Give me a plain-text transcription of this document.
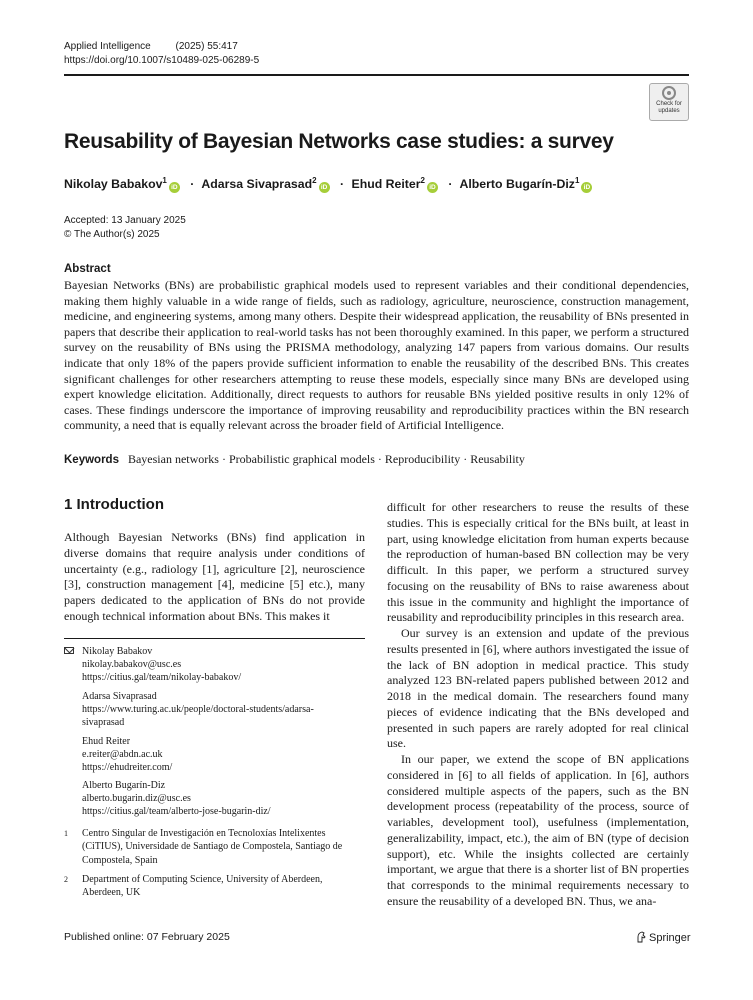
Applied Intelligence (2025) 55:417
https://doi.org/10.1007/s10489-025-06289-5
Check for
updates
Reusability of Bayesian Networks case studies: a survey
Nikolay Babakov$^1$iD · Adarsa Sivaprasad$^2$iD · Ehud Reiter$^2$iD · Alberto Bugarín-Diz$^1$iD
Accepted: 13 January 2025
© The Author(s) 2025
Abstract
Bayesian Networks (BNs) are probabilistic graphical models used to represent variables and their conditional dependencies, making them highly valuable in a wide range of fields, such as radiology, agriculture, neuroscience, construction management, medicine, and engineering systems, among many others. Despite their widespread application, the reusability of BNs presented in papers that describe their application to real-world tasks has not been thoroughly examined. In this paper, we perform a structured survey on the reusability of BNs using the PRISMA methodology, analyzing 147 papers from various domains. Our results indicate that only 18% of the papers provide sufficient information to enable the reusability of the described BNs. This creates significant challenges for other researchers attempting to reuse these models, especially since many BNs are developed using expert knowledge elicitation. Additionally, direct requests to authors for reusable BNs yielded positive results in only 12% of cases. These findings underscore the importance of improving reusability and reproducibility practices within the BN research community, a need that is equally relevant across the broader field of Artificial Intelligence.
Keywords Bayesian networks · Probabilistic graphical models · Reproducibility · Reusability
1 Introduction
Although Bayesian Networks (BNs) find application in diverse domains that require analysis under conditions of uncertainty (e.g., radiology [1], agriculture [2], neuroscience [3], construction management [4], medicine [5] etc.), many papers dedicated to the application of BNs do not provide enough technical information about BNs. This makes it
Nikolay Babakov
nikolay.babakov@usc.es
https://citius.gal/team/nikolay-babakov/
Adarsa Sivaprasad
https://www.turing.ac.uk/people/doctoral-students/adarsa-
sivaprasad
Ehud Reiter
e.reiter@abdn.ac.uk
https://ehudreiter.com/
Alberto Bugarín-Diz
alberto.bugarin.diz@usc.es
https://citius.gal/team/alberto-jose-bugarin-diz/
1 Centro Singular de Investigación en Tecnoloxías Intelixentes (CiTIUS), Universidade de Santiago de Compostela, Santiago de Compostela, Spain
2 Department of Computing Science, University of Aberdeen, Aberdeen, UK

difficult for other researchers to reuse the results of these studies. This is especially critical for the BNs built, at least in part, using knowledge elicitation from human experts because the reproduction of human-based BN collection may be very difficult. In this paper, we perform a structured survey focusing on the reusability of BNs to raise awareness about this issue in the community and highlight the importance of reusability and reproducibility principles in this research area.

Our survey is an extension and update of the previous results presented in [6], where authors investigated the issue of the lack of BN adoption in medical practice. This study analyzed 123 BN-related papers published between 2012 and 2018 in the medical domain. The researchers found many pieces of evidence indicating that the BNs developed and presented in such papers are rarely adopted for real clinical use.

In our paper, we extend the scope of BN applications considered in [6] to all fields of application. In [6], authors considered multiple aspects of the papers, such as the BN development process (repeatability of the process, source of variables, development tool), usefulness (implementation, generalizability, impact, etc.), the aim of BN (type of decision support), etc. While the insights collected are certainly important, we argue that there is a shorter list of BN properties that corresponds to the minimal requirements necessary to ensure the reusability of a developed BN. Thus, we ana-

Published online: 07 February 2025	Springer
